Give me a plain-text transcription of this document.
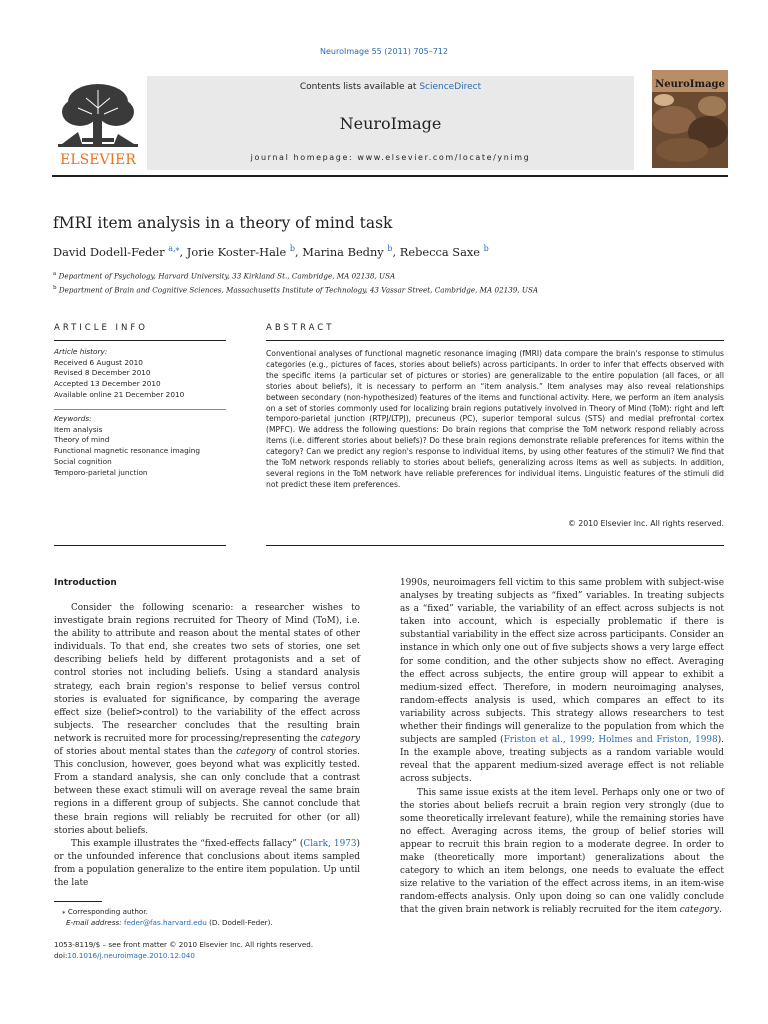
NeuroImage 55 (2011) 705–712
ELSEVIER
Contents lists available at ScienceDirect
NeuroImage
journal homepage: www.elsevier.com/locate/ynimg
NeuroImage
fMRI item analysis in a theory of mind task
David Dodell-Feder $^{a,⁎}$, Jorie Koster-Hale $^b$, Marina Bedny $^b$, Rebecca Saxe $^b$
$^a$ Department of Psychology, Harvard University, 33 Kirkland St., Cambridge, MA 02138, USA
$^b$ Department of Brain and Cognitive Sciences, Massachusetts Institute of Technology, 43 Vassar Street, Cambridge, MA 02139, USA
ARTICLE INFO	ABSTRACT
Article history:
Received 6 August 2010
Revised 8 December 2010
Accepted 13 December 2010
Available online 21 December 2010
Keywords:
Item analysis
Theory of mind
Functional magnetic resonance imaging
Social cognition
Temporo-parietal junction
Conventional analyses of functional magnetic resonance imaging (fMRI) data compare the brain's response to stimulus categories (e.g., pictures of faces, stories about beliefs) across participants. In order to infer that effects observed with the specific items (a particular set of pictures or stories) are generalizable to the entire population (all faces, or all stories about beliefs), it is necessary to perform an “item analysis.” Item analyses may also reveal relationships between secondary (non-hypothesized) features of the items and functional activity. Here, we perform an item analysis on a set of stories commonly used for localizing brain regions putatively involved in Theory of Mind (ToM): right and left temporo-parietal junction (RTPJ/LTPJ), precuneus (PC), superior temporal sulcus (STS) and medial prefrontal cortex (MPFC). We address the following questions: Do brain regions that comprise the ToM network respond reliably across items (i.e. different stories about beliefs)? Do these brain regions demonstrate reliable preferences for items within the category? Can we predict any region's response to individual items, by using other features of the stimuli? We find that the ToM network responds reliably to stories about beliefs, generalizing across items as well as subjects. In addition, several regions in the ToM network have reliable preferences for individual items. Linguistic features of the stimuli did not predict these item preferences.
© 2010 Elsevier Inc. All rights reserved.
Introduction

Consider the following scenario: a researcher wishes to investigate brain regions recruited for Theory of Mind (ToM), i.e. the ability to attribute and reason about the mental states of other individuals. To that end, she creates two sets of stories, one set describing beliefs held by different protagonists and a set of control stories not including beliefs. Using a standard analysis strategy, each brain region's response to belief versus control stories is evaluated for significance, by comparing the average effect size (belief>control) to the variability of the effect across subjects. The researcher concludes that the resulting brain network is recruited more for processing/representing the category of stories about mental states than the category of control stories. This conclusion, however, goes beyond what was explicitly tested. From a standard analysis, she can only conclude that a contrast between these exact stimuli will on average reveal the same brain regions in a different group of subjects. She cannot conclude that these brain regions will reliably be recruited for other (or all) stories about beliefs.

This example illustrates the “fixed-effects fallacy” (Clark, 1973) or the unfounded inference that conclusions about items sampled from a population generalize to the entire item population. Up until the late

1990s, neuroimagers fell victim to this same problem with subject-wise analyses by treating subjects as “fixed” variables. In treating subjects as a “fixed” variable, the variability of an effect across subjects is not taken into account, which is especially problematic if there is substantial variability in the effect size across participants. Consider an instance in which only one out of five subjects shows a very large effect for some condition, and the other subjects show no effect. Averaging the effect across subjects, the entire group will appear to exhibit a medium-sized effect. Therefore, in modern neuroimaging analyses, random-effects analysis is used, which compares an effect to its variability across subjects. This strategy allows researchers to test whether their findings will generalize to the population from which the subjects are sampled (Friston et al., 1999; Holmes and Friston, 1998). In the example above, treating subjects as a random variable would reveal that the apparent medium-sized average effect is not reliable across subjects.

This same issue exists at the item level. Perhaps only one or two of the stories about beliefs recruit a brain region very strongly (due to some theoretically irrelevant feature), while the remaining stories have no effect. Averaging across items, the group of belief stories will appear to recruit this brain region to a moderate degree. In order to make (theoretically more important) generalizations about the category to which an item belongs, one needs to evaluate the effect size relative to the variation of the effect across items, in an item-wise random-effects analysis. Only upon doing so can one validly conclude that the given brain network is reliably recruited for the item category.

⁎ Corresponding author.
E-mail address: feder@fas.harvard.edu (D. Dodell-Feder).
1053-8119/$ – see front matter © 2010 Elsevier Inc. All rights reserved.
doi:10.1016/j.neuroimage.2010.12.040
